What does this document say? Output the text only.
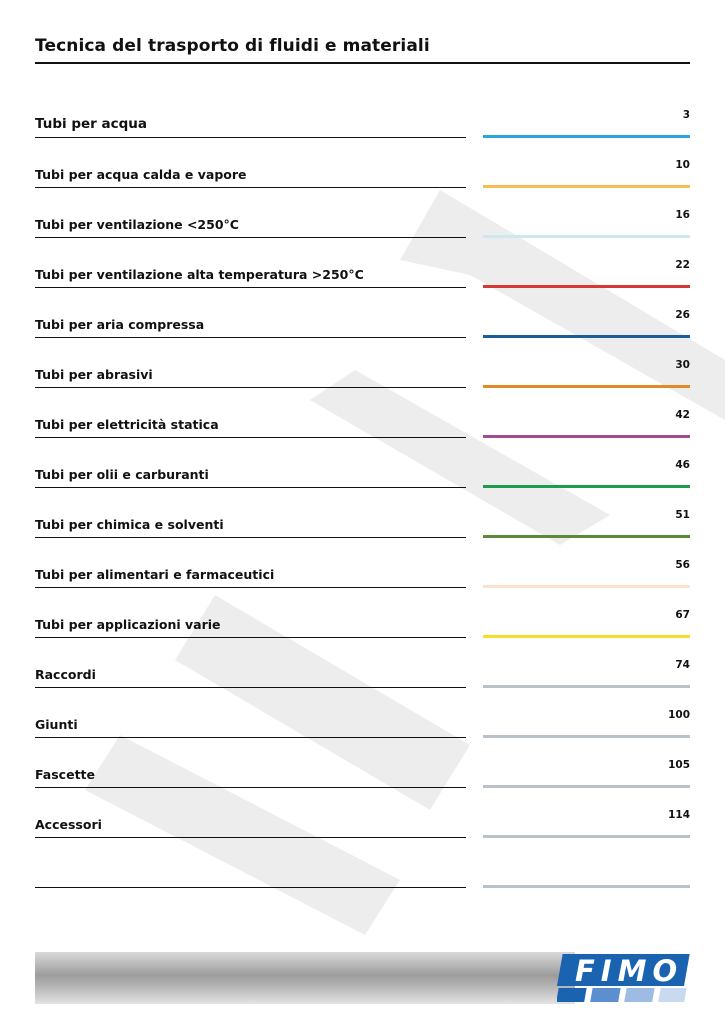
Tecnica del trasporto di fluidi e materiali
Tubi per acqua
3
Tubi per acqua calda e vapore
10
Tubi per ventilazione <250°C
16
Tubi per ventilazione alta temperatura >250°C
22
Tubi per aria compressa
26
Tubi per abrasivi
30
Tubi per elettricità statica
42
Tubi per olii e carburanti
46
Tubi per chimica e solventi
51
Tubi per alimentari e farmaceutici
56
Tubi per applicazioni varie
67
Raccordi
74
Giunti
100
Fascette
105
Accessori
114
FIMO
